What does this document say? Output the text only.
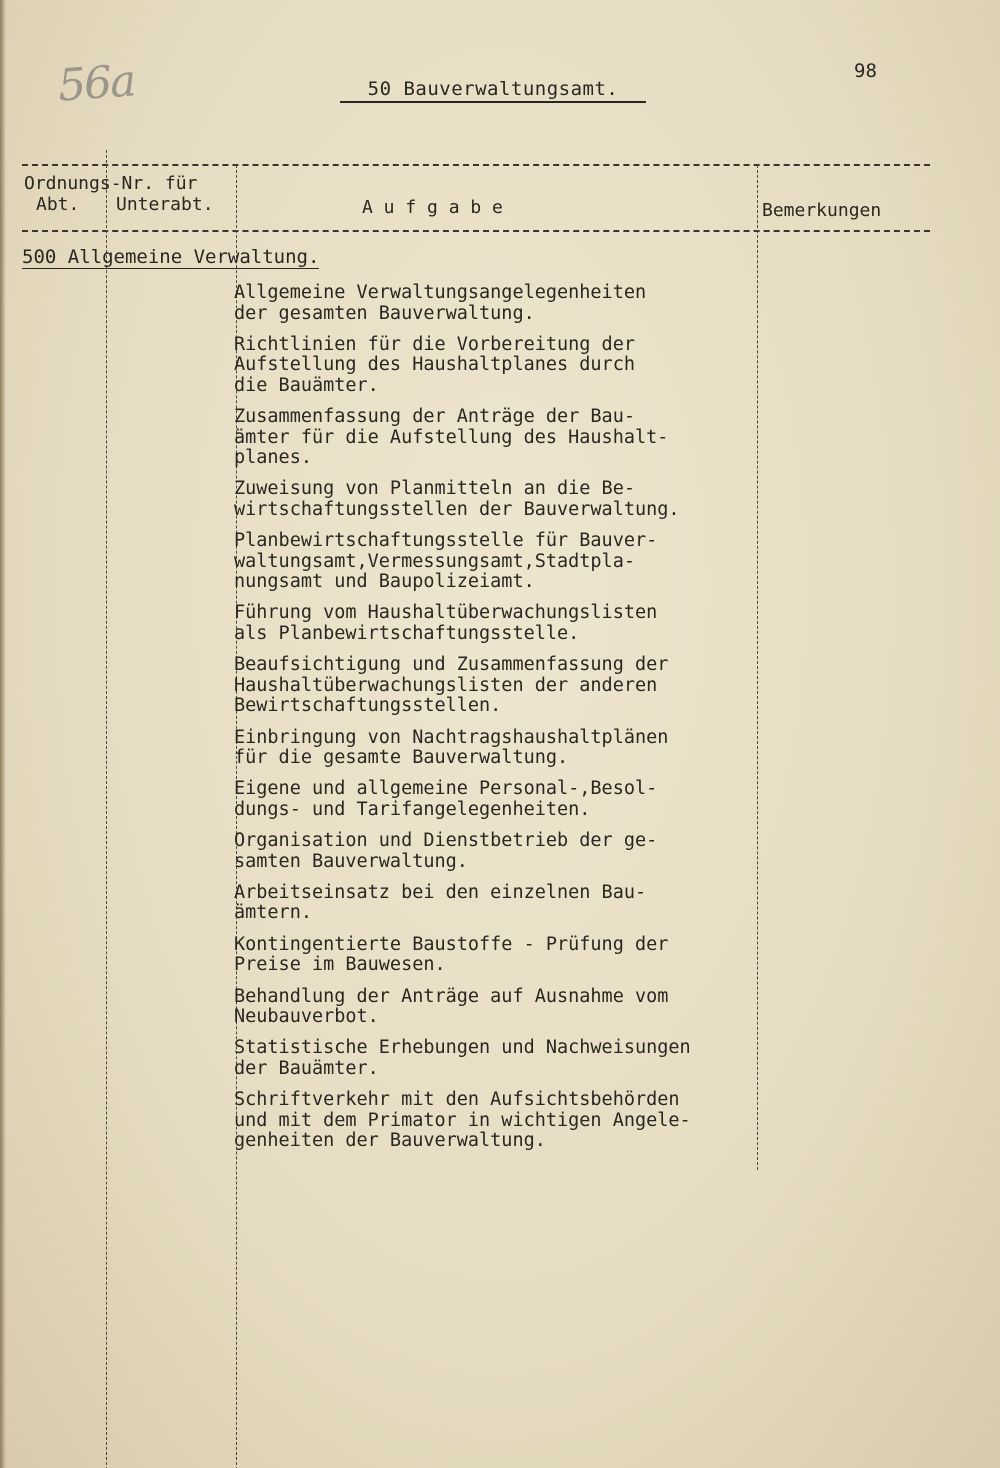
56a	98
50 Bauverwaltungsamt.
Ordnungs-Nr. für
Abt. Unterabt.	A u f g a b e	Bemerkungen
500 Allgemeine Verwaltung.
Allgemeine Verwaltungsangelegenheiten
der gesamten Bauverwaltung.
Richtlinien für die Vorbereitung der
Aufstellung des Haushaltplanes durch
die Bauämter.
Zusammenfassung der Anträge der Bau-
ämter für die Aufstellung des Haushalt-
planes.
Zuweisung von Planmitteln an die Be-
wirtschaftungsstellen der Bauverwaltung.
Planbewirtschaftungsstelle für Bauver-
waltungsamt,Vermessungsamt,Stadtpla-
nungsamt und Baupolizeiamt.
Führung vom Haushaltüberwachungslisten
als Planbewirtschaftungsstelle.
Beaufsichtigung und Zusammenfassung der
Haushaltüberwachungslisten der anderen
Bewirtschaftungsstellen.
Einbringung von Nachtragshaushaltplänen
für die gesamte Bauverwaltung.
Eigene und allgemeine Personal-,Besol-
dungs- und Tarifangelegenheiten.
Organisation und Dienstbetrieb der ge-
samten Bauverwaltung.
Arbeitseinsatz bei den einzelnen Bau-
ämtern.
Kontingentierte Baustoffe - Prüfung der
Preise im Bauwesen.
Behandlung der Anträge auf Ausnahme vom
Neubauverbot.
Statistische Erhebungen und Nachweisungen
der Bauämter.
Schriftverkehr mit den Aufsichtsbehörden
und mit dem Primator in wichtigen Angele-
genheiten der Bauverwaltung.
